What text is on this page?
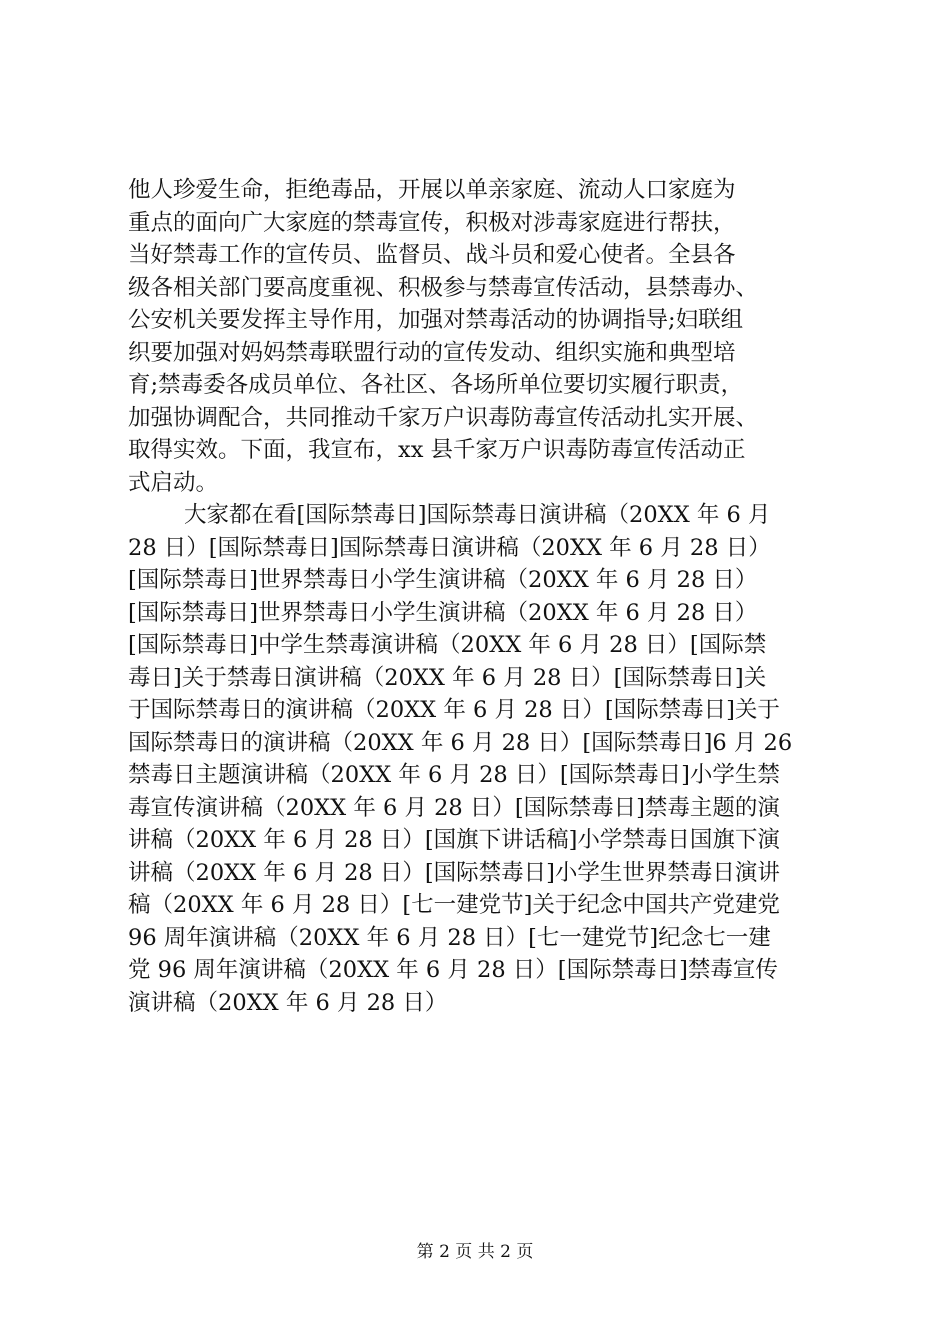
他人珍爱生命，拒绝毒品，开展以单亲家庭、流动人口家庭为
重点的面向广大家庭的禁毒宣传，积极对涉毒家庭进行帮扶，
当好禁毒工作的宣传员、监督员、战斗员和爱心使者。全县各
级各相关部门要高度重视、积极参与禁毒宣传活动，县禁毒办、
公安机关要发挥主导作用，加强对禁毒活动的协调指导;妇联组
织要加强对妈妈禁毒联盟行动的宣传发动、组织实施和典型培
育;禁毒委各成员单位、各社区、各场所单位要切实履行职责，
加强协调配合，共同推动千家万户识毒防毒宣传活动扎实开展、
取得实效。下面，我宣布，xx 县千家万户识毒防毒宣传活动正
式启动。
大家都在看[国际禁毒日]国际禁毒日演讲稿（20XX 年 6 月
28 日）[国际禁毒日]国际禁毒日演讲稿（20XX 年 6 月 28 日）
[国际禁毒日]世界禁毒日小学生演讲稿（20XX 年 6 月 28 日）
[国际禁毒日]世界禁毒日小学生演讲稿（20XX 年 6 月 28 日）
[国际禁毒日]中学生禁毒演讲稿（20XX 年 6 月 28 日）[国际禁
毒日]关于禁毒日演讲稿（20XX 年 6 月 28 日）[国际禁毒日]关
于国际禁毒日的演讲稿（20XX 年 6 月 28 日）[国际禁毒日]关于
国际禁毒日的演讲稿（20XX 年 6 月 28 日）[国际禁毒日]6 月 26
禁毒日主题演讲稿（20XX 年 6 月 28 日）[国际禁毒日]小学生禁
毒宣传演讲稿（20XX 年 6 月 28 日）[国际禁毒日]禁毒主题的演
讲稿（20XX 年 6 月 28 日）[国旗下讲话稿]小学禁毒日国旗下演
讲稿（20XX 年 6 月 28 日）[国际禁毒日]小学生世界禁毒日演讲
稿（20XX 年 6 月 28 日）[七一建党节]关于纪念中国共产党建党
96 周年演讲稿（20XX 年 6 月 28 日）[七一建党节]纪念七一建
党 96 周年演讲稿（20XX 年 6 月 28 日）[国际禁毒日]禁毒宣传
演讲稿（20XX 年 6 月 28 日）
第 2 页 共 2 页
